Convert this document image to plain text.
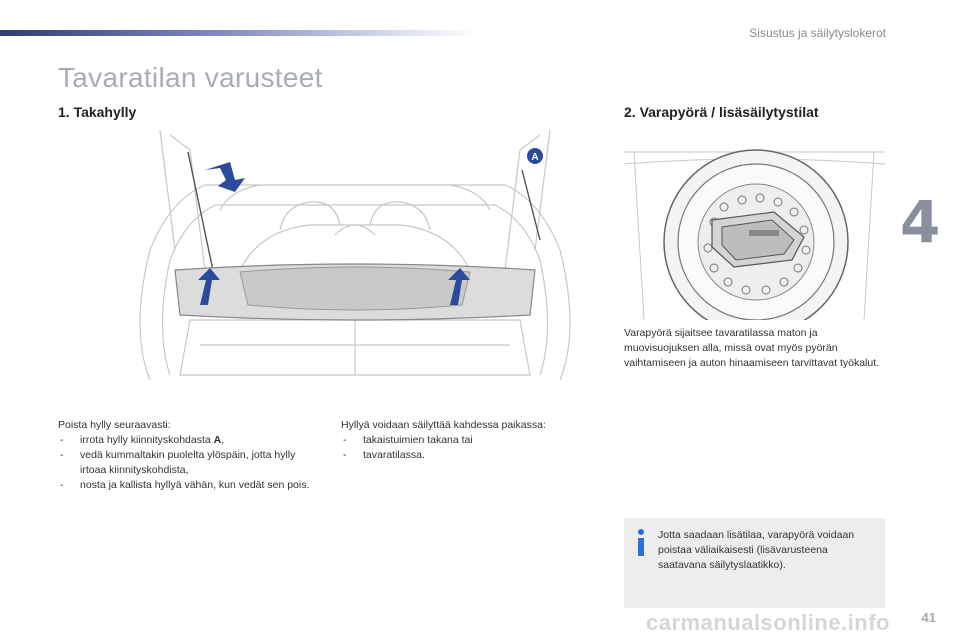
Sisustus ja säilytyslokerot
Tavaratilan varusteet
4
1. Takahylly	2. Varapyörä / lisäsäilytystilat
A

Poista hylly seuraavasti:

- irrota hylly kiinnityskohdasta A,
- vedä kummaltakin puolelta ylöspäin, jotta hylly irtoaa kiinnityskohdista,
- nosta ja kallista hyllyä vähän, kun vedät sen pois.

Hyllyä voidaan säilyttää kahdessa paikassa:

- takaistuimien takana tai
- tavaratilassa.

Varapyörä sijaitsee tavaratilassa maton ja muovisuojuksen alla, missä ovat myös pyörän vaihtamiseen ja auton hinaamiseen tarvittavat työkalut.

Jotta saadaan lisätilaa, varapyörä voidaan poistaa väliaikaisesti (lisävarusteena saatavana säilytyslaatikko).
carmanualsonline.info 41
